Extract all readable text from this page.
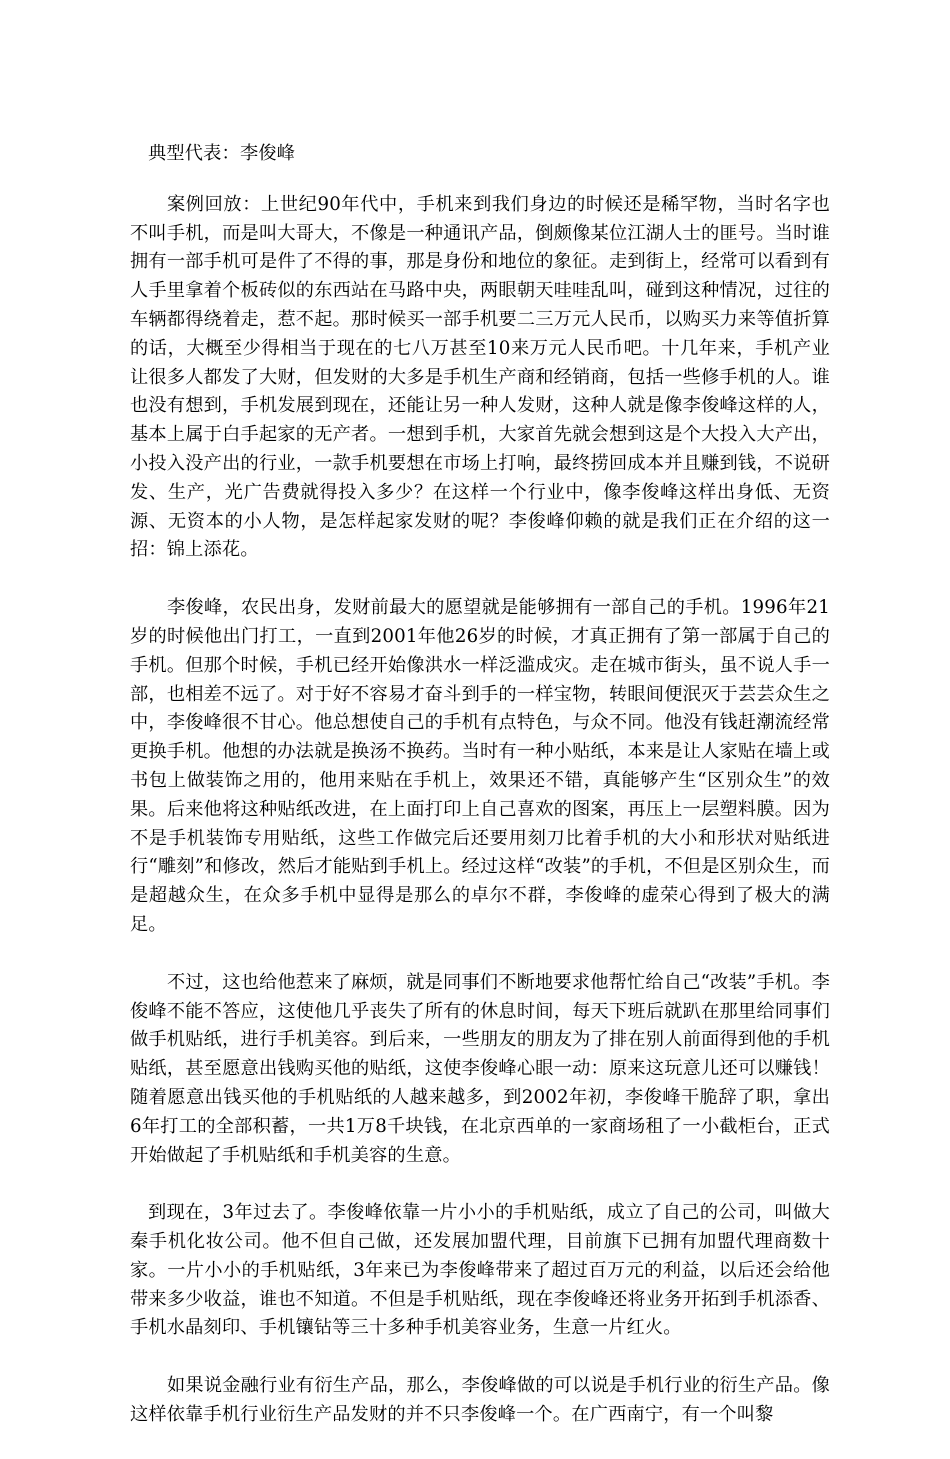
典型代表：李俊峰

案例回放：上世纪90年代中，手机来到我们身边的时候还是稀罕物，当时名字也不叫手机，而是叫大哥大，不像是一种通讯产品，倒颇像某位江湖人士的匪号。当时谁拥有一部手机可是件了不得的事，那是身份和地位的象征。走到街上，经常可以看到有人手里拿着个板砖似的东西站在马路中央，两眼朝天哇哇乱叫，碰到这种情况，过往的车辆都得绕着走，惹不起。那时候买一部手机要二三万元人民币，以购买力来等值折算的话，大概至少得相当于现在的七八万甚至10来万元人民币吧。十几年来，手机产业让很多人都发了大财，但发财的大多是手机生产商和经销商，包括一些修手机的人。谁也没有想到，手机发展到现在，还能让另一种人发财，这种人就是像李俊峰这样的人，基本上属于白手起家的无产者。一想到手机，大家首先就会想到这是个大投入大产出，小投入没产出的行业，一款手机要想在市场上打响，最终捞回成本并且赚到钱，不说研发、生产，光广告费就得投入多少？在这样一个行业中，像李俊峰这样出身低、无资源、无资本的小人物，是怎样起家发财的呢？李俊峰仰赖的就是我们正在介绍的这一招：锦上添花。

李俊峰，农民出身，发财前最大的愿望就是能够拥有一部自己的手机。1996年21岁的时候他出门打工，一直到2001年他26岁的时候，才真正拥有了第一部属于自己的手机。但那个时候，手机已经开始像洪水一样泛滥成灾。走在城市街头，虽不说人手一部，也相差不远了。对于好不容易才奋斗到手的一样宝物，转眼间便泯灭于芸芸众生之中，李俊峰很不甘心。他总想使自己的手机有点特色，与众不同。他没有钱赶潮流经常更换手机。他想的办法就是换汤不换药。当时有一种小贴纸，本来是让人家贴在墙上或书包上做装饰之用的，他用来贴在手机上，效果还不错，真能够产生“区别众生”的效果。后来他将这种贴纸改进，在上面打印上自己喜欢的图案，再压上一层塑料膜。因为不是手机装饰专用贴纸，这些工作做完后还要用刻刀比着手机的大小和形状对贴纸进行“雕刻”和修改，然后才能贴到手机上。经过这样“改装”的手机，不但是区别众生，而是超越众生，在众多手机中显得是那么的卓尔不群，李俊峰的虚荣心得到了极大的满足。

不过，这也给他惹来了麻烦，就是同事们不断地要求他帮忙给自己“改装”手机。李俊峰不能不答应，这使他几乎丧失了所有的休息时间，每天下班后就趴在那里给同事们做手机贴纸，进行手机美容。到后来，一些朋友的朋友为了排在别人前面得到他的手机贴纸，甚至愿意出钱购买他的贴纸，这使李俊峰心眼一动：原来这玩意儿还可以赚钱！随着愿意出钱买他的手机贴纸的人越来越多，到2002年初，李俊峰干脆辞了职，拿出6年打工的全部积蓄，一共1万8千块钱，在北京西单的一家商场租了一小截柜台，正式开始做起了手机贴纸和手机美容的生意。

到现在，3年过去了。李俊峰依靠一片小小的手机贴纸，成立了自己的公司，叫做大秦手机化妆公司。他不但自己做，还发展加盟代理，目前旗下已拥有加盟代理商数十家。一片小小的手机贴纸，3年来已为李俊峰带来了超过百万元的利益，以后还会给他带来多少收益，谁也不知道。不但是手机贴纸，现在李俊峰还将业务开拓到手机添香、手机水晶刻印、手机镶钻等三十多种手机美容业务，生意一片红火。

如果说金融行业有衍生产品，那么，李俊峰做的可以说是手机行业的衍生产品。像这样依靠手机行业衍生产品发财的并不只李俊峰一个。在广西南宁，有一个叫黎
